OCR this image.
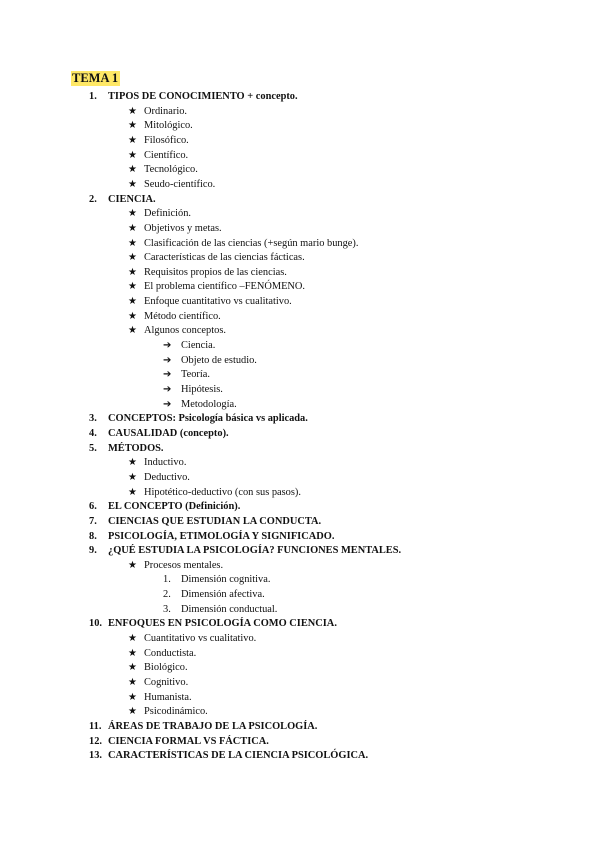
TEMA 1
1. TIPOS DE CONOCIMIENTO + concepto.
★ Ordinario.
★ Mitológico.
★ Filosófico.
★ Científico.
★ Tecnológico.
★ Seudo-científico.
2. CIENCIA.
★ Definición.
★ Objetivos y metas.
★ Clasificación de las ciencias (+según mario bunge).
★ Características de las ciencias fácticas.
★ Requisitos propios de las ciencias.
★ El problema científico –FENÓMENO.
★ Enfoque cuantitativo vs cualitativo.
★ Método científico.
★ Algunos conceptos.
➔ Ciencia.
➔ Objeto de estudio.
➔ Teoría.
➔ Hipótesis.
➔ Metodología.
3. CONCEPTOS: Psicología básica vs aplicada.
4. CAUSALIDAD (concepto).
5. MÉTODOS.
★ Inductivo.
★ Deductivo.
★ Hipotético-deductivo (con sus pasos).
6. EL CONCEPTO (Definición).
7. CIENCIAS QUE ESTUDIAN LA CONDUCTA.
8. PSICOLOGÍA, ETIMOLOGÍA Y SIGNIFICADO.
9. ¿QUÉ ESTUDIA LA PSICOLOGÍA? FUNCIONES MENTALES.
★ Procesos mentales.
1. Dimensión cognitiva.
2. Dimensión afectiva.
3. Dimensión conductual.
10. ENFOQUES EN PSICOLOGÍA COMO CIENCIA.
★ Cuantitativo vs cualitativo.
★ Conductista.
★ Biológico.
★ Cognitivo.
★ Humanista.
★ Psicodinámico.
11. ÁREAS DE TRABAJO DE LA PSICOLOGÍA.
12. CIENCIA FORMAL VS FÁCTICA.
13. CARACTERÍSTICAS DE LA CIENCIA PSICOLÓGICA.
